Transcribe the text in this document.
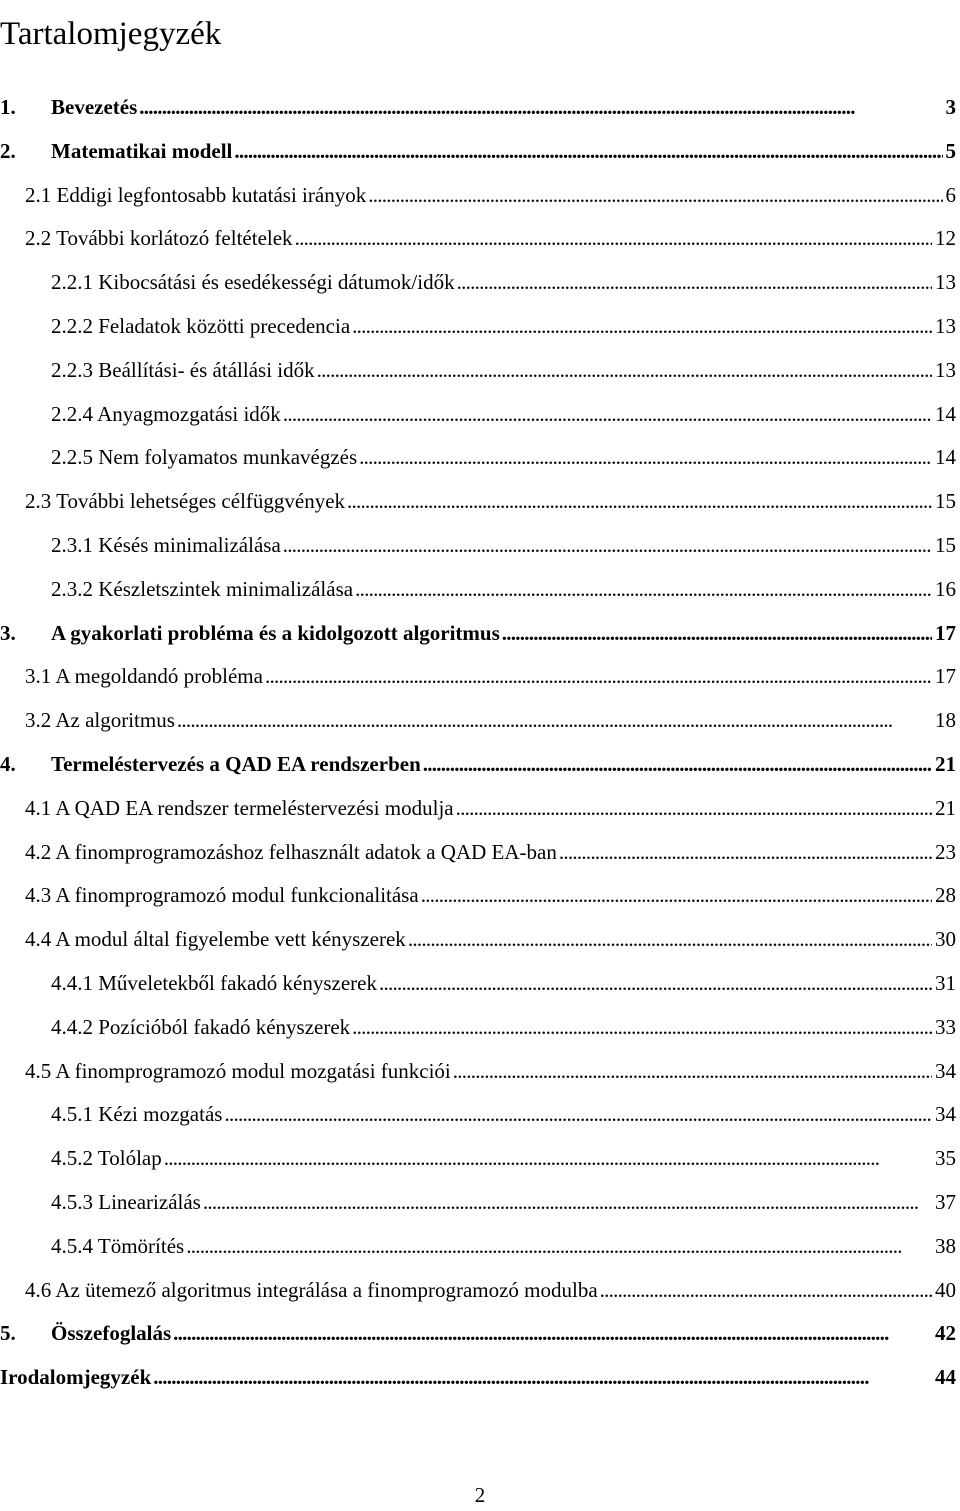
Tartalomjegyzék
1.	Bevezetés . . .	3
2.	Matematikai modell . . .	5
2.1 Eddigi legfontosabb kutatási irányok . . .	6
2.2 További korlátozó feltételek . . .	12
2.2.1 Kibocsátási és esedékességi dátumok/idők . . .	13
2.2.2 Feladatok közötti precedencia . . .	13
2.2.3 Beállítási- és átállási idők . . .	13
2.2.4 Anyagmozgatási idők . . .	14
2.2.5 Nem folyamatos munkavégzés . . .	14
2.3 További lehetséges célfüggvények . . .	15
2.3.1 Késés minimalizálása . . .	15
2.3.2 Készletszintek minimalizálása . . .	16
3.	A gyakorlati probléma és a kidolgozott algoritmus . . .	17
3.1 A megoldandó probléma . . .	17
3.2 Az algoritmus . . .	18
4.	Termeléstervezés a QAD EA rendszerben . . .	21
4.1 A QAD EA rendszer termeléstervezési modulja . . .	21
4.2 A finomprogramozáshoz felhasznált adatok a QAD EA-ban . . .	23
4.3 A finomprogramozó modul funkcionalitása . . .	28
4.4 A modul által figyelembe vett kényszerek . . .	30
4.4.1 Műveletekből fakadó kényszerek . . .	31
4.4.2 Pozícióból fakadó kényszerek . . .	33
4.5 A finomprogramozó modul mozgatási funkciói . . .	34
4.5.1 Kézi mozgatás . . .	34
4.5.2 Tolólap . . .	35
4.5.3 Linearizálás . . .	37
4.5.4 Tömörítés . . .	38
4.6 Az ütemező algoritmus integrálása a finomprogramozó modulba . . .	40
5.	Összefoglalás . . .	42
Irodalomjegyzék . . .	44
2
